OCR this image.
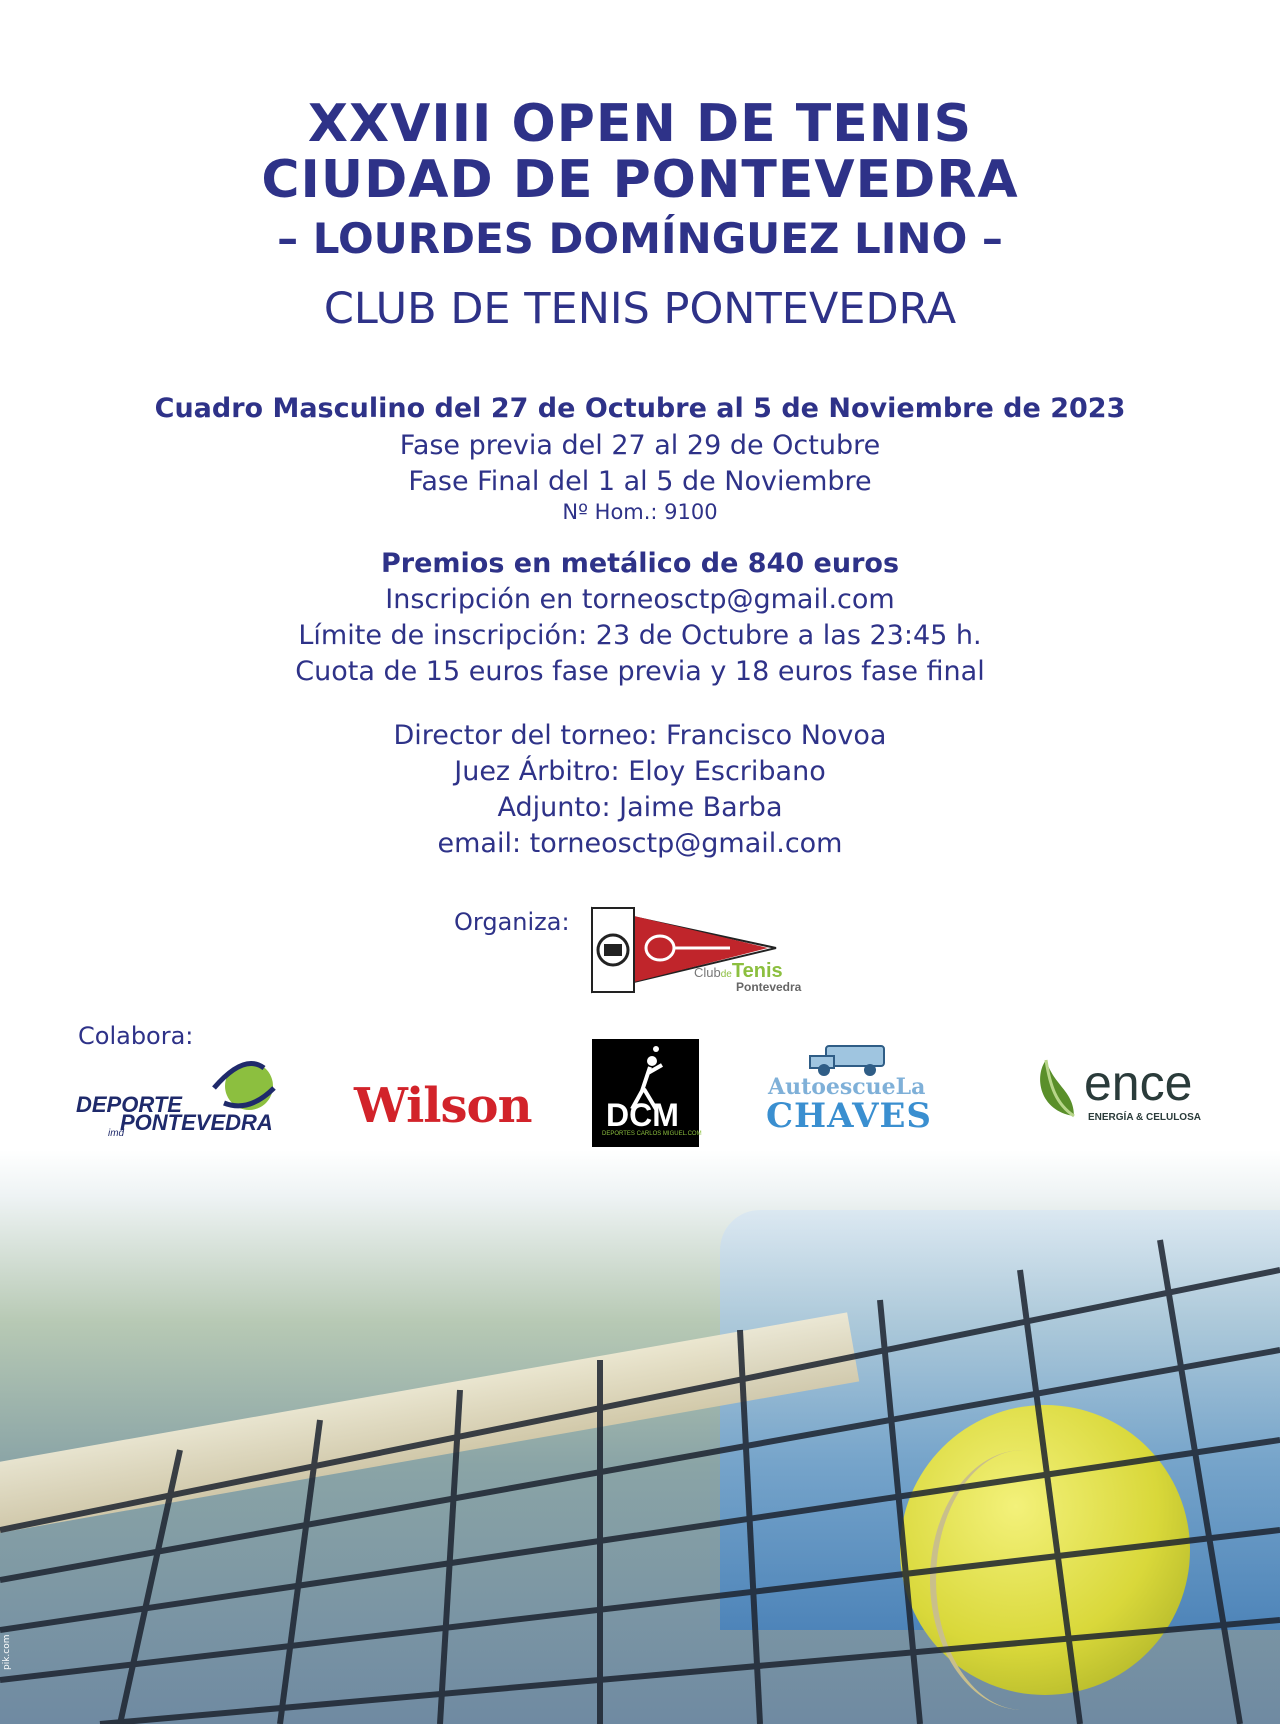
XXVIII OPEN DE TENIS
CIUDAD DE PONTEVEDRA
– LOURDES DOMÍNGUEZ LINO –
CLUB DE TENIS PONTEVEDRA
Cuadro Masculino del 27 de Octubre al 5 de Noviembre de 2023
Fase previa del 27 al 29 de Octubre
Fase Final del 1 al 5 de Noviembre
Nº Hom.: 9100
Premios en metálico de 840 euros
Inscripción en torneosctp@gmail.com
Límite de inscripción: 23 de Octubre a las 23:45 h.
Cuota de 15 euros fase previa y 18 euros fase final
Director del torneo: Francisco Novoa
Juez Árbitro: Eloy Escribano
Adjunto: Jaime Barba
email: torneosctp@gmail.com
Organiza:
ClubdeTenis
Pontevedra
Colabora:
DEPORTE
PONTEVEDRA
imd	Wilson DCM
DEPORTES CARLOS MIGUEL.COM
AutoescueLa
CHAVES
ence
ENERGÍA & CELULOSA
pik.com
